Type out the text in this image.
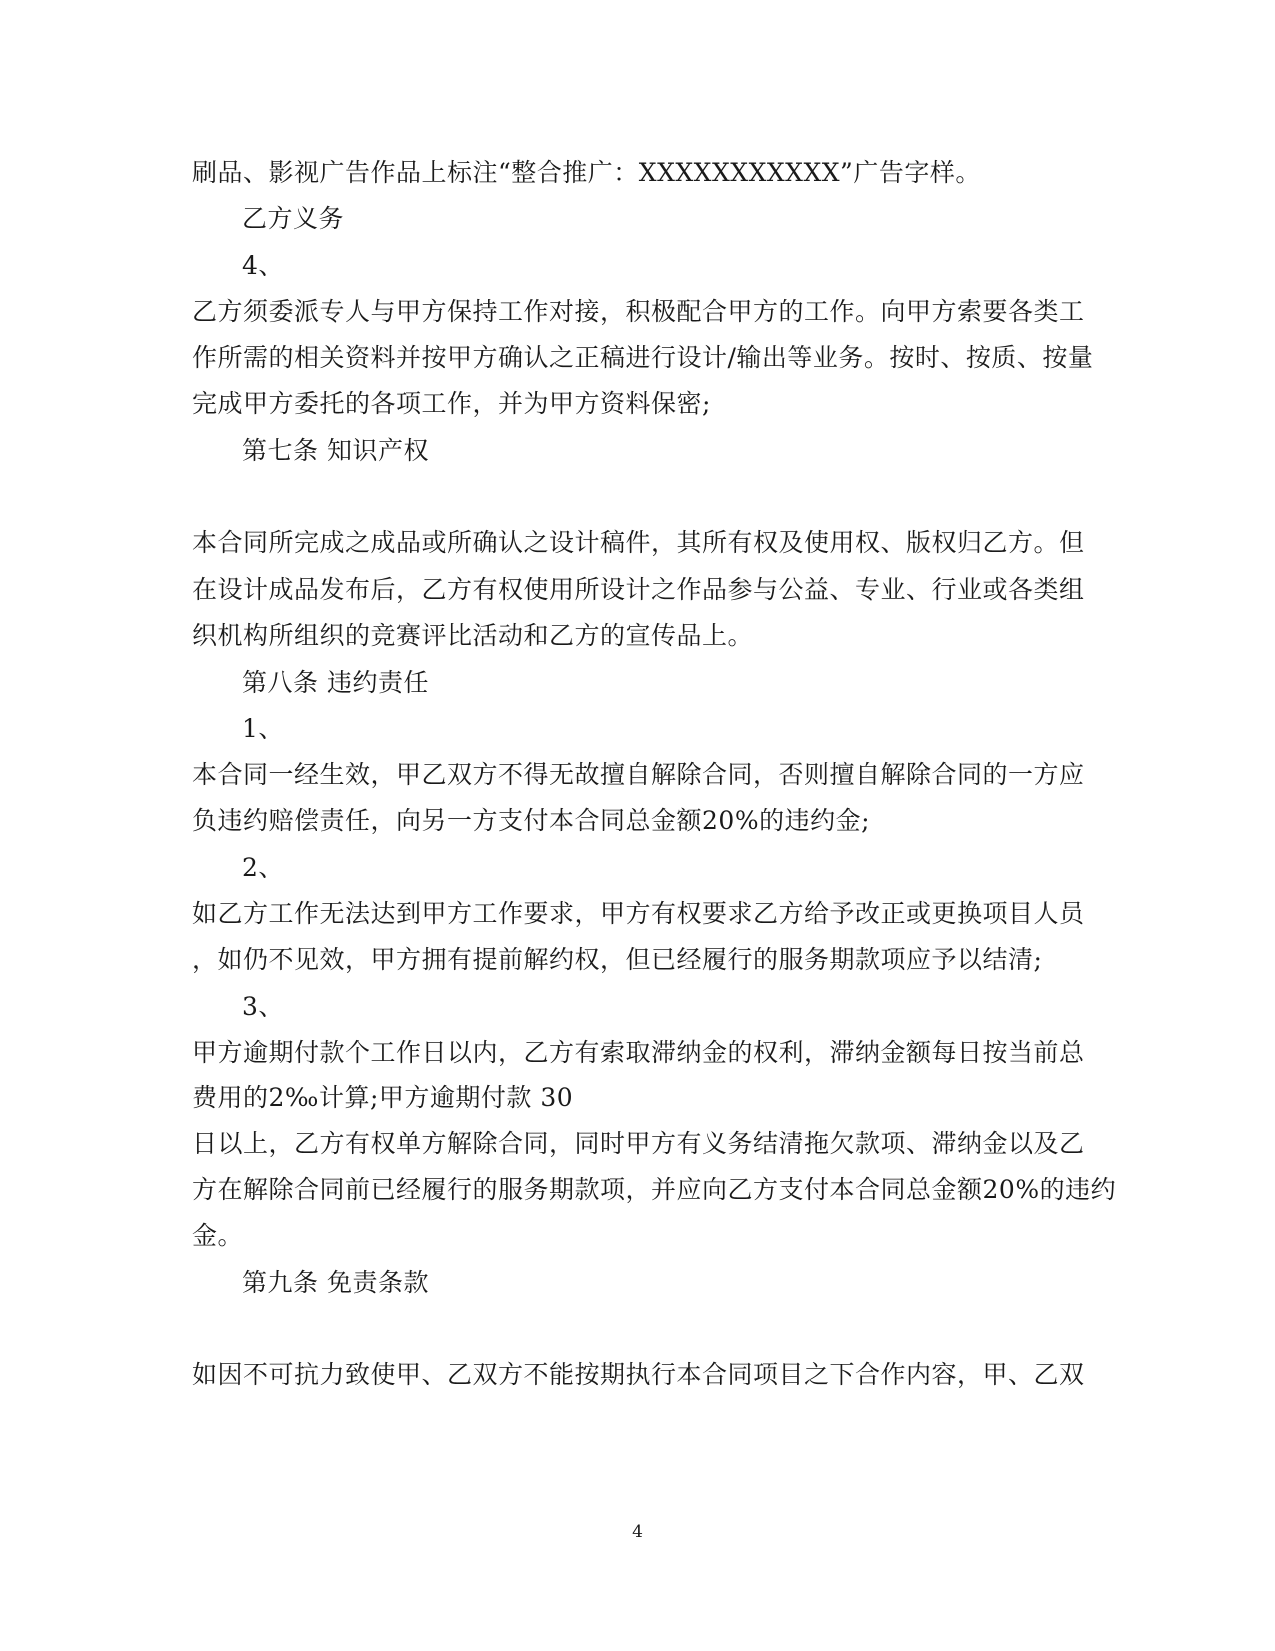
刷品、影视广告作品上标注“整合推广：XXXXXXXXXXX”广告字样。
乙方义务
4、
乙方须委派专人与甲方保持工作对接，积极配合甲方的工作。向甲方索要各类工
作所需的相关资料并按甲方确认之正稿进行设计/输出等业务。按时、按质、按量
完成甲方委托的各项工作，并为甲方资料保密;
第七条 知识产权
本合同所完成之成品或所确认之设计稿件，其所有权及使用权、版权归乙方。但
在设计成品发布后，乙方有权使用所设计之作品参与公益、专业、行业或各类组
织机构所组织的竞赛评比活动和乙方的宣传品上。
第八条 违约责任
1、
本合同一经生效，甲乙双方不得无故擅自解除合同，否则擅自解除合同的一方应
负违约赔偿责任，向另一方支付本合同总金额20%的违约金;
2、
如乙方工作无法达到甲方工作要求，甲方有权要求乙方给予改正或更换项目人员
，如仍不见效，甲方拥有提前解约权，但已经履行的服务期款项应予以结清;
3、
甲方逾期付款个工作日以内，乙方有索取滞纳金的权利，滞纳金额每日按当前总
费用的2‰计算;甲方逾期付款 30
日以上，乙方有权单方解除合同，同时甲方有义务结清拖欠款项、滞纳金以及乙
方在解除合同前已经履行的服务期款项，并应向乙方支付本合同总金额20%的违约
金。
第九条 免责条款
如因不可抗力致使甲、乙双方不能按期执行本合同项目之下合作内容，甲、乙双
4
